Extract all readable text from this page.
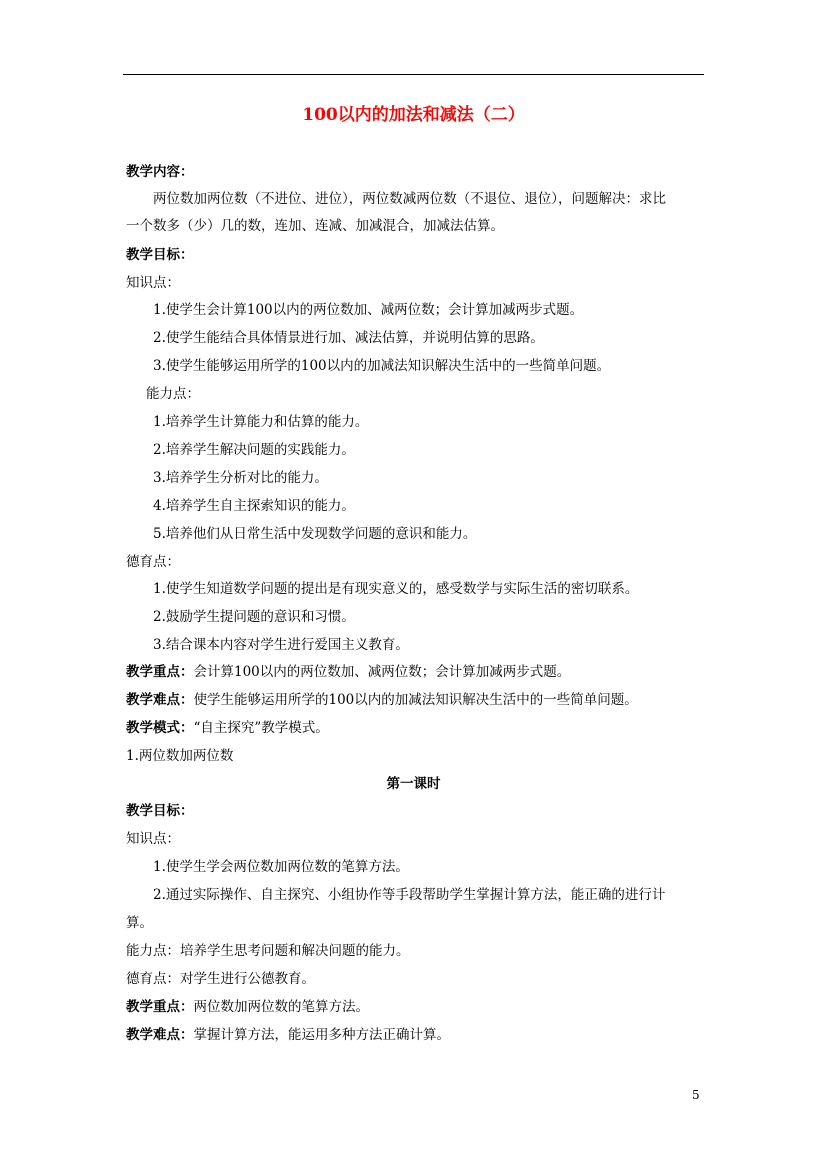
100以内的加法和减法（二）
教学内容：
两位数加两位数（不进位、进位），两位数减两位数（不退位、退位），问题解决：求比
一个数多（少）几的数，连加、连减、加减混合，加减法估算。
教学目标：
知识点：
1.使学生会计算100以内的两位数加、减两位数；会计算加减两步式题。
2.使学生能结合具体情景进行加、减法估算，并说明估算的思路。
3.使学生能够运用所学的100以内的加减法知识解决生活中的一些简单问题。
能力点：
1.培养学生计算能力和估算的能力。
2.培养学生解决问题的实践能力。
3.培养学生分析对比的能力。
4.培养学生自主探索知识的能力。
5.培养他们从日常生活中发现数学问题的意识和能力。
德育点：
1.使学生知道数学问题的提出是有现实意义的，感受数学与实际生活的密切联系。
2.鼓励学生提问题的意识和习惯。
3.结合课本内容对学生进行爱国主义教育。
教学重点：会计算100以内的两位数加、减两位数；会计算加减两步式题。
教学难点：使学生能够运用所学的100以内的加减法知识解决生活中的一些简单问题。
教学模式：“自主探究”教学模式。
1.两位数加两位数
第一课时
教学目标：
知识点：
1.使学生学会两位数加两位数的笔算方法。
2.通过实际操作、自主探究、小组协作等手段帮助学生掌握计算方法，能正确的进行计
算。
能力点：培养学生思考问题和解决问题的能力。
德育点：对学生进行公德教育。
教学重点：两位数加两位数的笔算方法。
教学难点：掌握计算方法，能运用多种方法正确计算。
5
